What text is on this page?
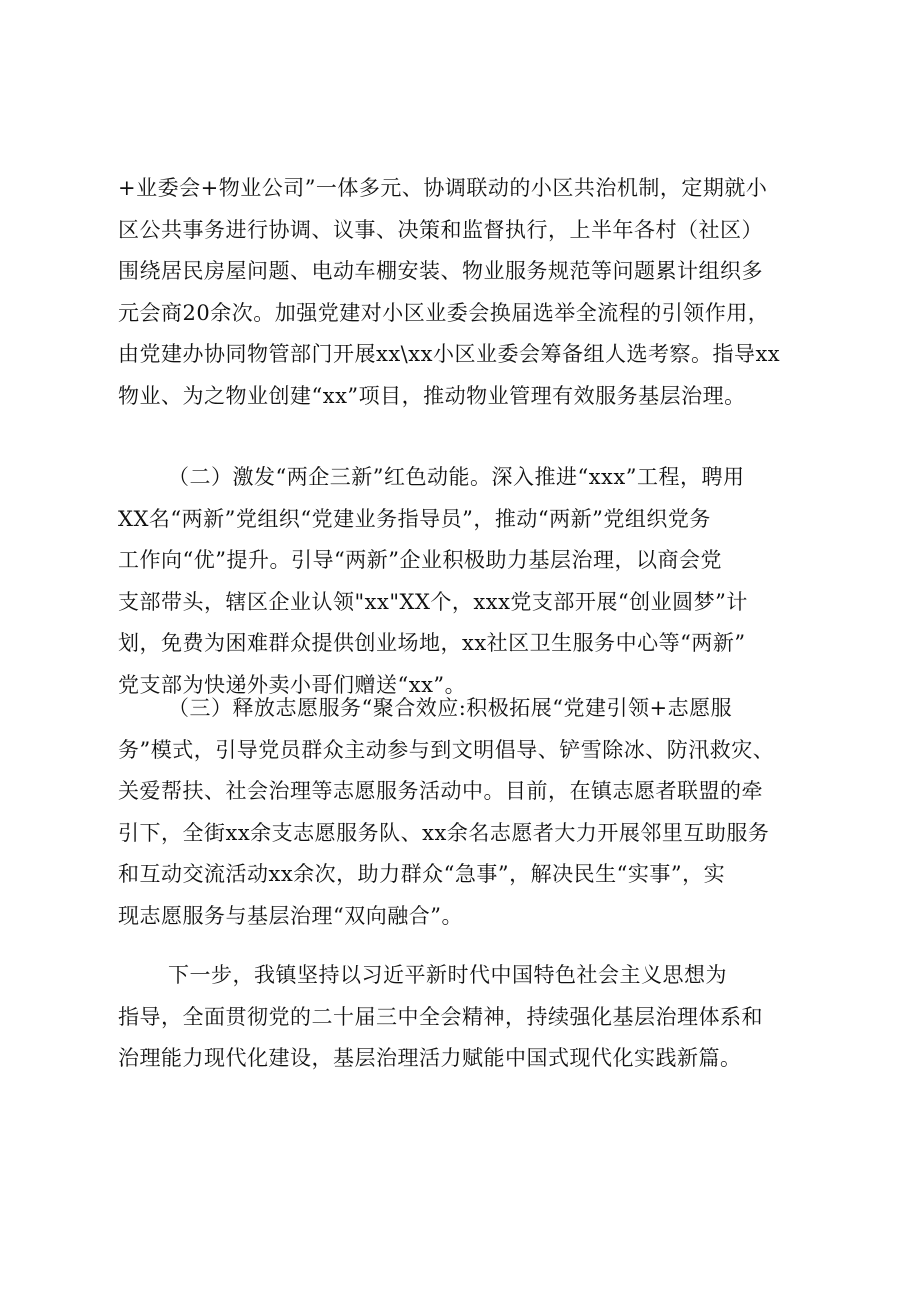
+业委会+物业公司”一体多元、协调联动的小区共治机制，定期就小
区公共事务进行协调、议事、决策和监督执行，上半年各村（社区）
围绕居民房屋问题、电动车棚安装、物业服务规范等问题累计组织多
元会商20余次。加强党建对小区业委会换届选举全流程的引领作用，
由党建办协同物管部门开展xx\xx小区业委会筹备组人选考察。指导xx
物业、为之物业创建“xx”项目，推动物业管理有效服务基层治理。
（二）激发“两企三新”红色动能。深入推进“xxx”工程，聘用
XX名“两新”党组织“党建业务指导员”，推动“两新”党组织党务
工作向“优”提升。引导“两新”企业积极助力基层治理，以商会党
支部带头，辖区企业认领"xx"XX个，xxx党支部开展“创业圆梦”计
划，免费为困难群众提供创业场地，xx社区卫生服务中心等“两新”
党支部为快递外卖小哥们赠送“xx”。
（三）释放志愿服务“聚合效应:积极拓展“党建引领+志愿服
务”模式，引导党员群众主动参与到文明倡导、铲雪除冰、防汛救灾、
关爱帮扶、社会治理等志愿服务活动中。目前，在镇志愿者联盟的牵
引下，全街xx余支志愿服务队、xx余名志愿者大力开展邻里互助服务
和互动交流活动xx余次，助力群众“急事”，解决民生“实事”，实
现志愿服务与基层治理“双向融合”。
下一步，我镇坚持以习近平新时代中国特色社会主义思想为
指导，全面贯彻党的二十届三中全会精神，持续强化基层治理体系和
治理能力现代化建设，基层治理活力赋能中国式现代化实践新篇。
